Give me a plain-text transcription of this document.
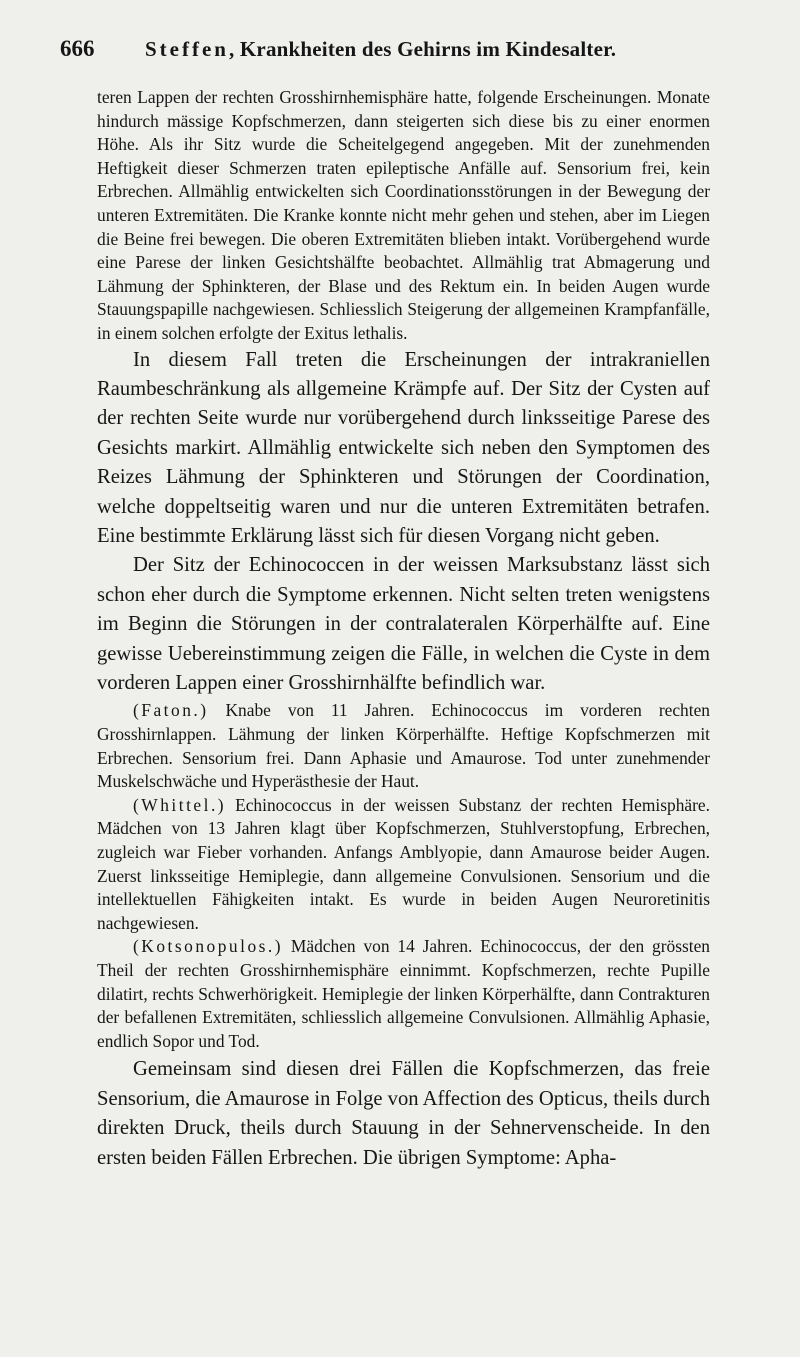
666 Steffen, Krankheiten des Gehirns im Kindesalter.

teren Lappen der rechten Grosshirnhemisphäre hatte, folgende Erscheinungen. Monate hindurch mässige Kopfschmerzen, dann steigerten sich diese bis zu einer enormen Höhe. Als ihr Sitz wurde die Scheitelgegend angegeben. Mit der zunehmenden Heftigkeit dieser Schmerzen traten epileptische Anfälle auf. Sensorium frei, kein Erbrechen. Allmählig entwickelten sich Coordinationsstörungen in der Bewegung der unteren Extremitäten. Die Kranke konnte nicht mehr gehen und stehen, aber im Liegen die Beine frei bewegen. Die oberen Extremitäten blieben intakt. Vorübergehend wurde eine Parese der linken Gesichtshälfte beobachtet. Allmählig trat Abmagerung und Lähmung der Sphinkteren, der Blase und des Rektum ein. In beiden Augen wurde Stauungspapille nachgewiesen. Schliesslich Steigerung der allgemeinen Krampfanfälle, in einem solchen erfolgte der Exitus lethalis.

In diesem Fall treten die Erscheinungen der intrakraniellen Raumbeschränkung als allgemeine Krämpfe auf. Der Sitz der Cysten auf der rechten Seite wurde nur vorübergehend durch linksseitige Parese des Gesichts markirt. Allmählig entwickelte sich neben den Symptomen des Reizes Lähmung der Sphinkteren und Störungen der Coordination, welche doppeltseitig waren und nur die unteren Extremitäten betrafen. Eine bestimmte Erklärung lässt sich für diesen Vorgang nicht geben.

Der Sitz der Echinococcen in der weissen Marksubstanz lässt sich schon eher durch die Symptome erkennen. Nicht selten treten wenigstens im Beginn die Störungen in der contralateralen Körperhälfte auf. Eine gewisse Uebereinstimmung zeigen die Fälle, in welchen die Cyste in dem vorderen Lappen einer Grosshirnhälfte befindlich war.

(Faton.) Knabe von 11 Jahren. Echinococcus im vorderen rechten Grosshirnlappen. Lähmung der linken Körperhälfte. Heftige Kopfschmerzen mit Erbrechen. Sensorium frei. Dann Aphasie und Amaurose. Tod unter zunehmender Muskelschwäche und Hyperästhesie der Haut.

(Whittel.) Echinococcus in der weissen Substanz der rechten Hemisphäre. Mädchen von 13 Jahren klagt über Kopfschmerzen, Stuhlverstopfung, Erbrechen, zugleich war Fieber vorhanden. Anfangs Amblyopie, dann Amaurose beider Augen. Zuerst linksseitige Hemiplegie, dann allgemeine Convulsionen. Sensorium und die intellektuellen Fähigkeiten intakt. Es wurde in beiden Augen Neuroretinitis nachgewiesen.

(Kotsonopulos.) Mädchen von 14 Jahren. Echinococcus, der den grössten Theil der rechten Grosshirnhemisphäre einnimmt. Kopfschmerzen, rechte Pupille dilatirt, rechts Schwerhörigkeit. Hemiplegie der linken Körperhälfte, dann Contrakturen der befallenen Extremitäten, schliesslich allgemeine Convulsionen. Allmählig Aphasie, endlich Sopor und Tod.

Gemeinsam sind diesen drei Fällen die Kopfschmerzen, das freie Sensorium, die Amaurose in Folge von Affection des Opticus, theils durch direkten Druck, theils durch Stauung in der Sehnervenscheide. In den ersten beiden Fällen Erbrechen. Die übrigen Symptome: Apha-
